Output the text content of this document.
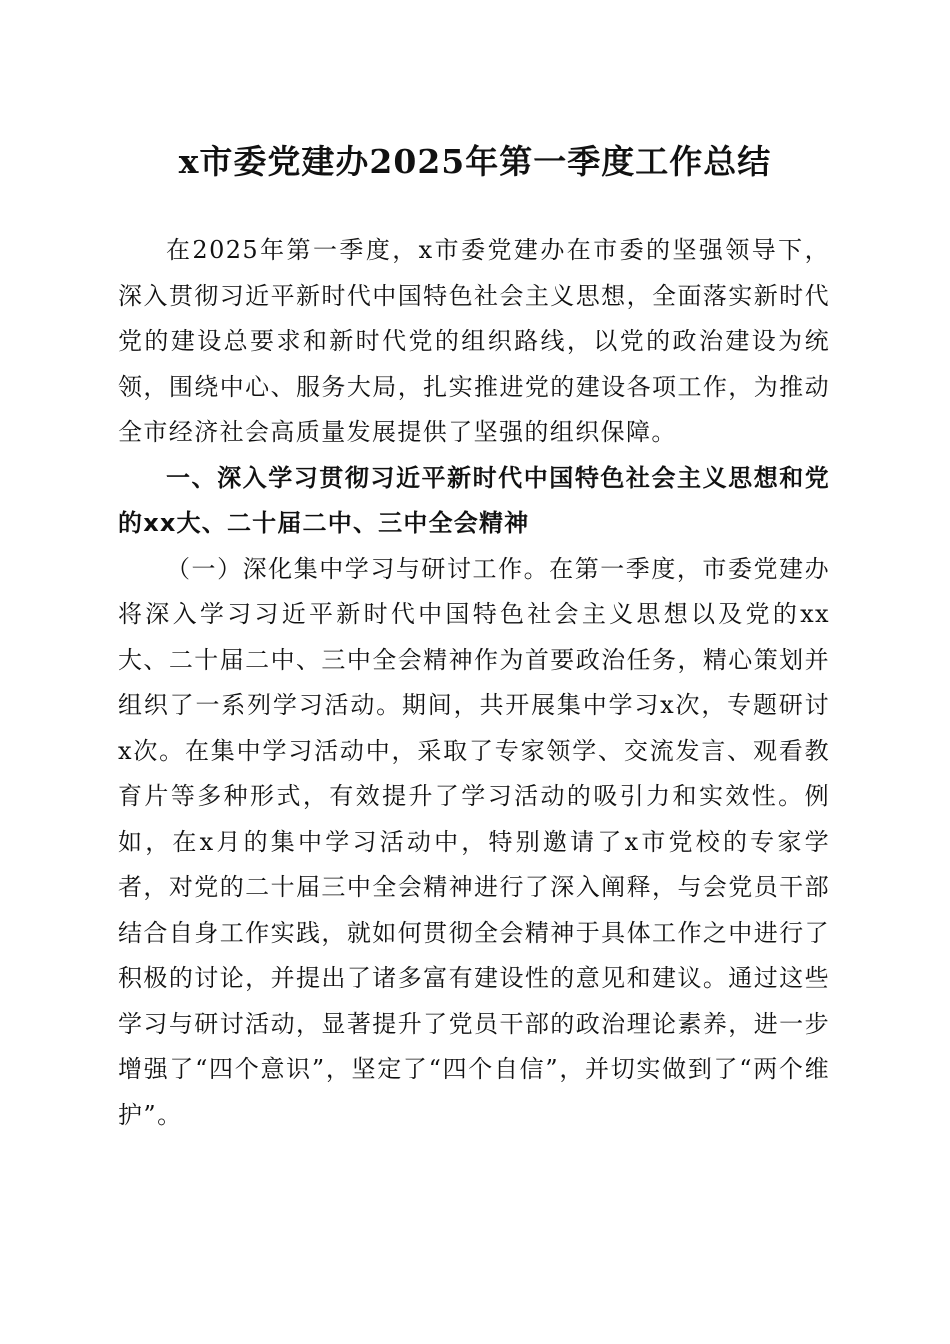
x市委党建办2025年第一季度工作总结

在2025年第一季度，x市委党建办在市委的坚强领导下，深入贯彻习近平新时代中国特色社会主义思想，全面落实新时代党的建设总要求和新时代党的组织路线，以党的政治建设为统领，围绕中心、服务大局，扎实推进党的建设各项工作，为推动全市经济社会高质量发展提供了坚强的组织保障。

一、深入学习贯彻习近平新时代中国特色社会主义思想和党的xx大、二十届二中、三中全会精神

（一）深化集中学习与研讨工作。在第一季度，市委党建办将深入学习习近平新时代中国特色社会主义思想以及党的xx大、二十届二中、三中全会精神作为首要政治任务，精心策划并组织了一系列学习活动。期间，共开展集中学习x次，专题研讨x次。在集中学习活动中，采取了专家领学、交流发言、观看教育片等多种形式，有效提升了学习活动的吸引力和实效性。例如，在x月的集中学习活动中，特别邀请了x市党校的专家学者，对党的二十届三中全会精神进行了深入阐释，与会党员干部结合自身工作实践，就如何贯彻全会精神于具体工作之中进行了积极的讨论，并提出了诸多富有建设性的意见和建议。通过这些学习与研讨活动，显著提升了党员干部的政治理论素养，进一步增强了“四个意识”，坚定了“四个自信”，并切实做到了“两个维护”。
